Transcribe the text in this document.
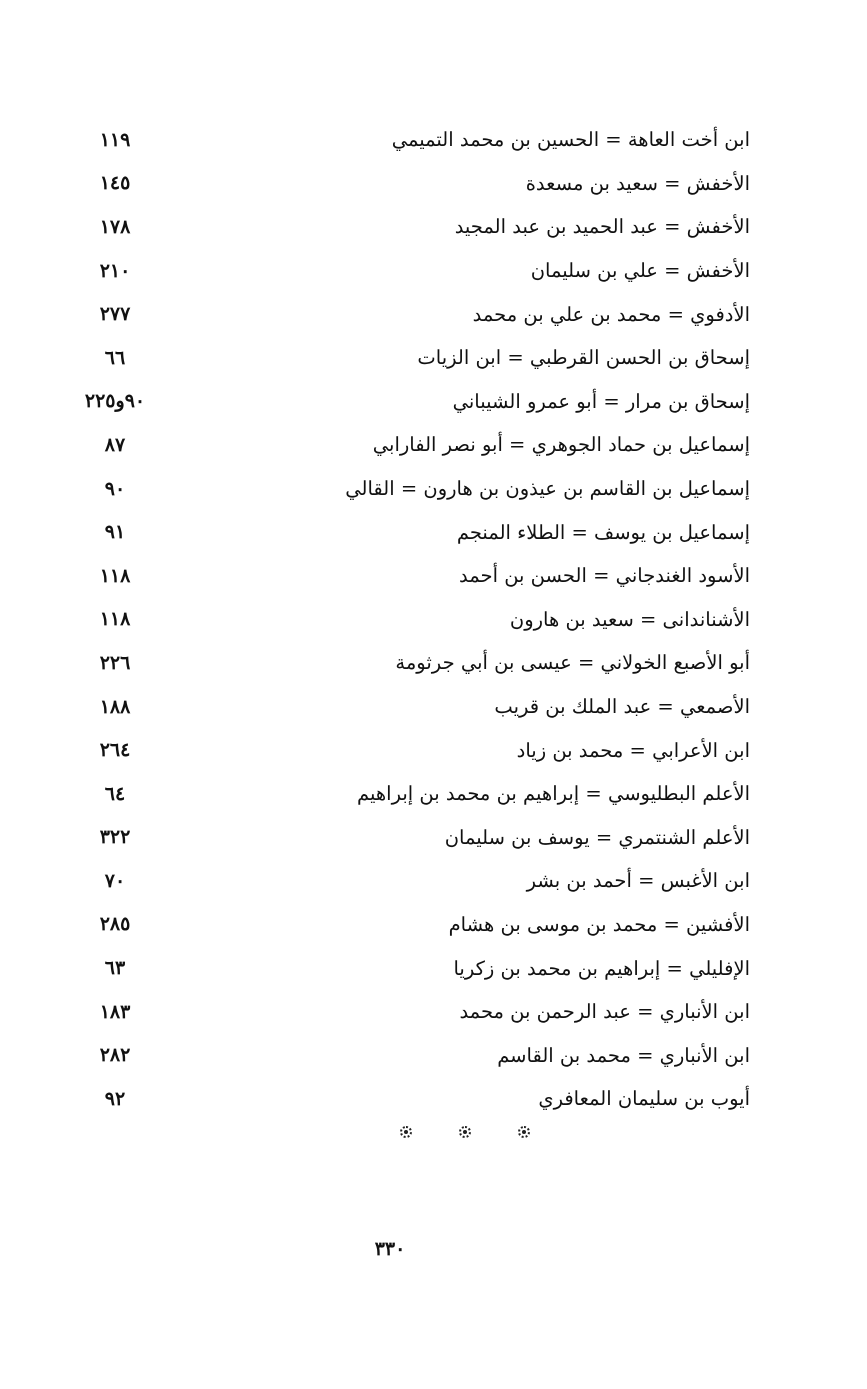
١١٩	ابن أخت العاهة = الحسين بن محمد التميمي
١٤٥	الأخفش = سعيد بن مسعدة
١٧٨	الأخفش = عبد الحميد بن عبد المجيد
٢١٠	الأخفش = علي بن سليمان
٢٧٧	الأدفوي = محمد بن علي بن محمد
٦٦	إسحاق بن الحسن القرطبي = ابن الزيات
٩٠و٢٢٥	إسحاق بن مرار = أبو عمرو الشيباني
٨٧	إسماعيل بن حماد الجوهري = أبو نصر الفارابي
٩٠	إسماعيل بن القاسم بن عيذون بن هارون = القالي
٩١	إسماعيل بن يوسف = الطلاء المنجم
١١٨	الأسود الغندجاني = الحسن بن أحمد
١١٨	الأشناندانى = سعيد بن هارون
٢٢٦	أبو الأصبع الخولاني = عيسى بن أبي جرثومة
١٨٨	الأصمعي = عبد الملك بن قريب
٢٦٤	ابن الأعرابي = محمد بن زياد
٦٤	الأعلم البطليوسي = إبراهيم بن محمد بن إبراهيم
٣٢٢	الأعلم الشنتمري = يوسف بن سليمان
٧٠	ابن الأغبس = أحمد بن بشر
٢٨٥	الأفشين = محمد بن موسى بن هشام
٦٣	الإفليلي = إبراهيم بن محمد بن زكريا
١٨٣	ابن الأنباري = عبد الرحمن بن محمد
٢٨٢	ابن الأنباري = محمد بن القاسم
٩٢	أيوب بن سليمان المعافري
٣٣٠
